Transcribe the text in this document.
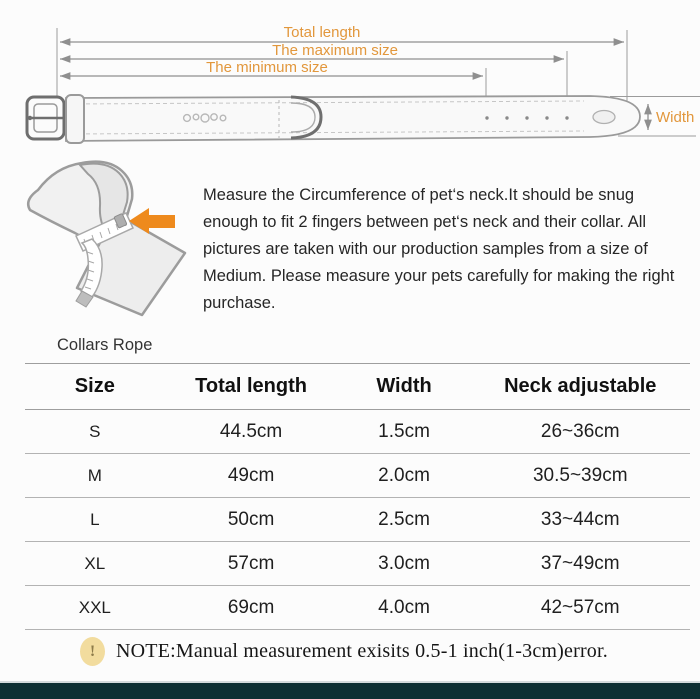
Total length
The maximum size
The minimum size
Width

Measure the Circumference of pet‘s neck.It should be snug enough to fit 2 fingers between pet‘s neck and their collar. All pictures are taken with our production samples from a size of Medium. Please measure your pets carefully for making the right purchase.

Collars Rope
Size	Total length	Width	Neck adjustable
S	44.5cm	1.5cm	26~36cm
M	49cm	2.0cm	30.5~39cm
L	50cm	2.5cm	33~44cm
XL	57cm	3.0cm	37~49cm
XXL	69cm	4.0cm	42~57cm
!	NOTE:Manual measurement exisits 0.5-1 inch(1-3cm)error.
